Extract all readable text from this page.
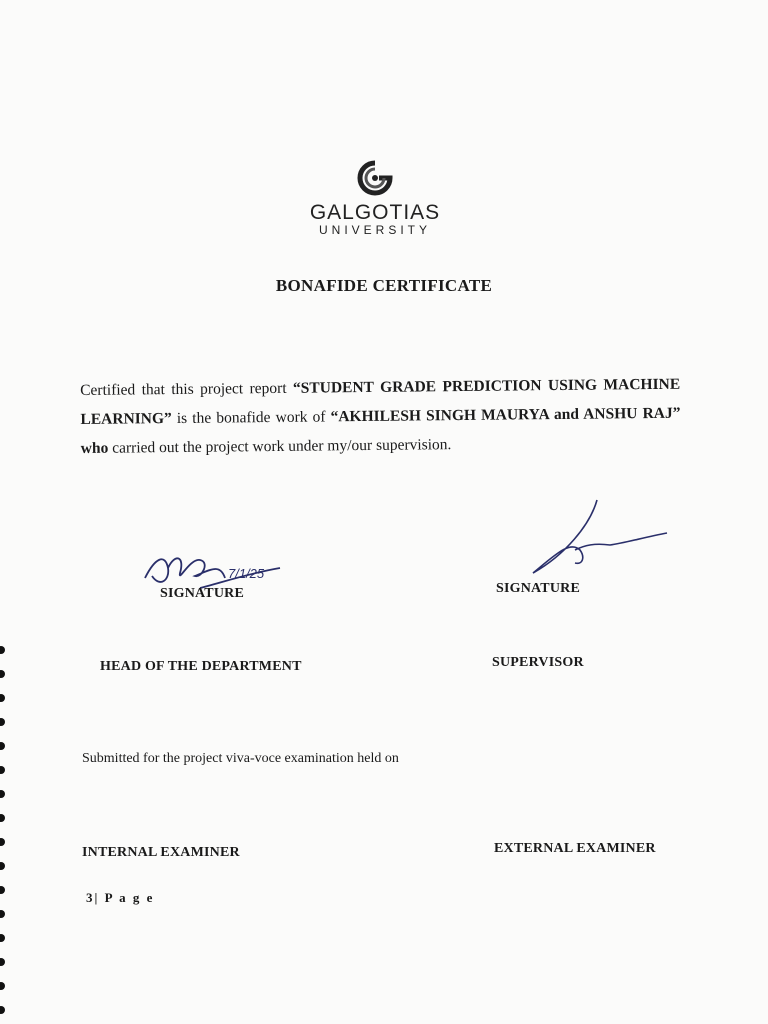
GALGOTIAS
UNIVERSITY
BONAFIDE CERTIFICATE
Certified that this project report “STUDENT GRADE PREDICTION USING MACHINE LEARNING” is the bonafide work of “AKHILESH SINGH MAURYA and ANSHU RAJ” who carried out the project work under my/our supervision.
7/1/25
SIGNATURE	SIGNATURE
HEAD OF THE DEPARTMENT	SUPERVISOR
Submitted for the project viva-voce examination held on
INTERNAL EXAMINER	EXTERNAL EXAMINER
3| P a g e
